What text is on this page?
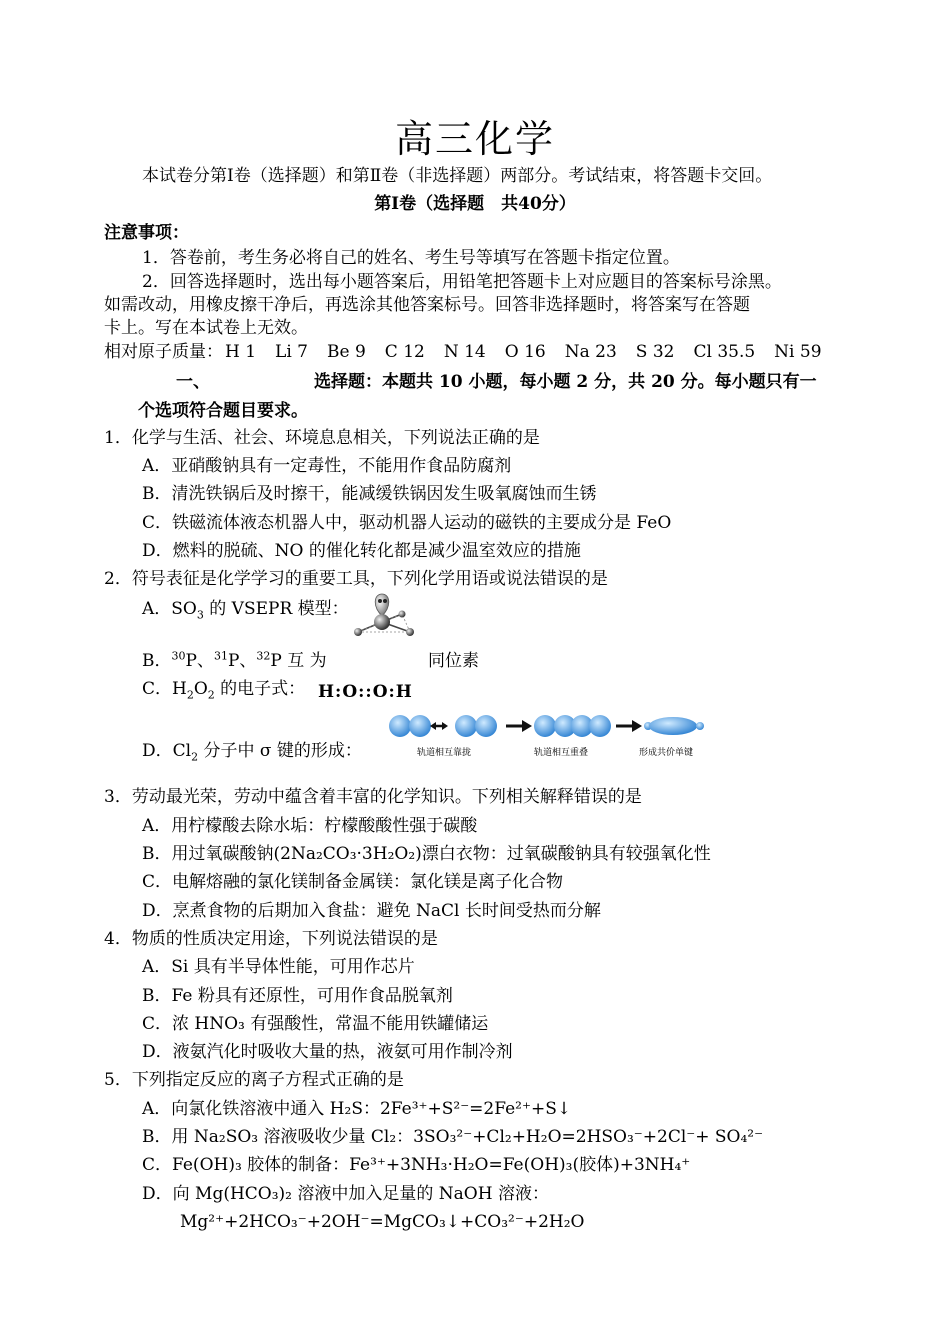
高三化学
本试卷分第Ⅰ卷（选择题）和第Ⅱ卷（非选择题）两部分。考试结束，将答题卡交回。
第Ⅰ卷（选择题　共40分）
注意事项：
1．答卷前，考生务必将自己的姓名、考生号等填写在答题卡指定位置。
2．回答选择题时，选出每小题答案后，用铅笔把答题卡上对应题目的答案标号涂黑。
如需改动，用橡皮擦干净后，再选涂其他答案标号。回答非选择题时，将答案写在答题
卡上。写在本试卷上无效。
相对原子质量： H 1 Li 7 Be 9 C 12 N 14 O 16 Na 23 S 32 Cl 35.5 Ni 59
一、	选择题：本题共 10 小题，每小题 2 分，共 20 分。每小题只有一
个选项符合题目要求。
1．化学与生活、社会、环境息息相关，下列说法正确的是
A．亚硝酸钠具有一定毒性，不能用作食品防腐剂
B．清洗铁锅后及时擦干，能减缓铁锅因发生吸氧腐蚀而生锈
C．铁磁流体液态机器人中，驱动机器人运动的磁铁的主要成分是 FeO
D．燃料的脱硫、NO 的催化转化都是减少温室效应的措施
2．符号表征是化学学习的重要工具，下列化学用语或说法错误的是
A．$SO_3$ 的 VSEPR 模型：
B．$^{30}$P、$^{31}$P、$^{32}$P 互 为	同位素
C．$H_2O_2$ 的电子式： H:O::O:H
D．$Cl_2$ 分子中 σ 键的形成：	轨道相互靠拢	轨道相互重叠	形成共价单键
3．劳动最光荣，劳动中蕴含着丰富的化学知识。下列相关解释错误的是
A．用柠檬酸去除水垢：柠檬酸酸性强于碳酸
B．用过氧碳酸钠(2Na₂CO₃·3H₂O₂)漂白衣物：过氧碳酸钠具有较强氧化性
C．电解熔融的氯化镁制备金属镁：氯化镁是离子化合物
D．烹煮食物的后期加入食盐：避免 NaCl 长时间受热而分解
4．物质的性质决定用途，下列说法错误的是
A．Si 具有半导体性能，可用作芯片
B．Fe 粉具有还原性，可用作食品脱氧剂
C．浓 HNO₃ 有强酸性，常温不能用铁罐储运
D．液氨汽化时吸收大量的热，液氨可用作制冷剂
5．下列指定反应的离子方程式正确的是
A．向氯化铁溶液中通入 H₂S：2Fe³⁺+S²⁻=2Fe²⁺+S↓
B．用 Na₂SO₃ 溶液吸收少量 Cl₂：3SO₃²⁻+Cl₂+H₂O=2HSO₃⁻+2Cl⁻+ SO₄²⁻
C．Fe(OH)₃ 胶体的制备：Fe³⁺+3NH₃·H₂O=Fe(OH)₃(胶体)+3NH₄⁺
D．向 Mg(HCO₃)₂ 溶液中加入足量的 NaOH 溶液：
Mg²⁺+2HCO₃⁻+2OH⁻=MgCO₃↓+CO₃²⁻+2H₂O
